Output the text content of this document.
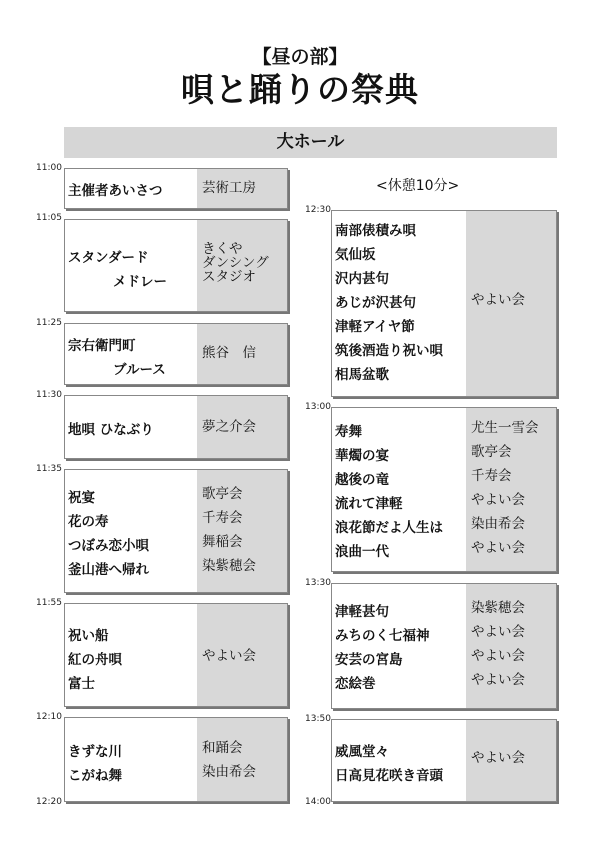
【昼の部】
唄と踊りの祭典
大ホール
<休憩10分>
11:00
11:05
11:25
11:30
11:35
11:55
12:10
12:20
12:30
13:00
13:30
13:50
14:00
主催者あいさつ	芸術工房
スタンダード
メドレー
きくや
ダンシング
スタジオ
宗右衛門町
ブルース
熊谷　信
地唄 ひなぶり	夢之介会
祝宴
花の寿
つぼみ恋小唄
釜山港へ帰れ
歌亭会
千寿会
舞稲会
染紫穂会
祝い船
紅の舟唄
富士
やよい会
きずな川
こがね舞
和踊会
染由希会
南部俵積み唄
気仙坂
沢内甚句
あじが沢甚句
津軽アイヤ節
筑後酒造り祝い唄
相馬盆歌
やよい会
寿舞
華燭の宴
越後の竜
流れて津軽
浪花節だよ人生は
浪曲一代
尤生一雪会
歌亭会
千寿会
やよい会
染由希会
やよい会
津軽甚句
みちのく七福神
安芸の宮島
恋絵巻
染紫穂会
やよい会
やよい会
やよい会
威風堂々
日高見花咲き音頭
やよい会
